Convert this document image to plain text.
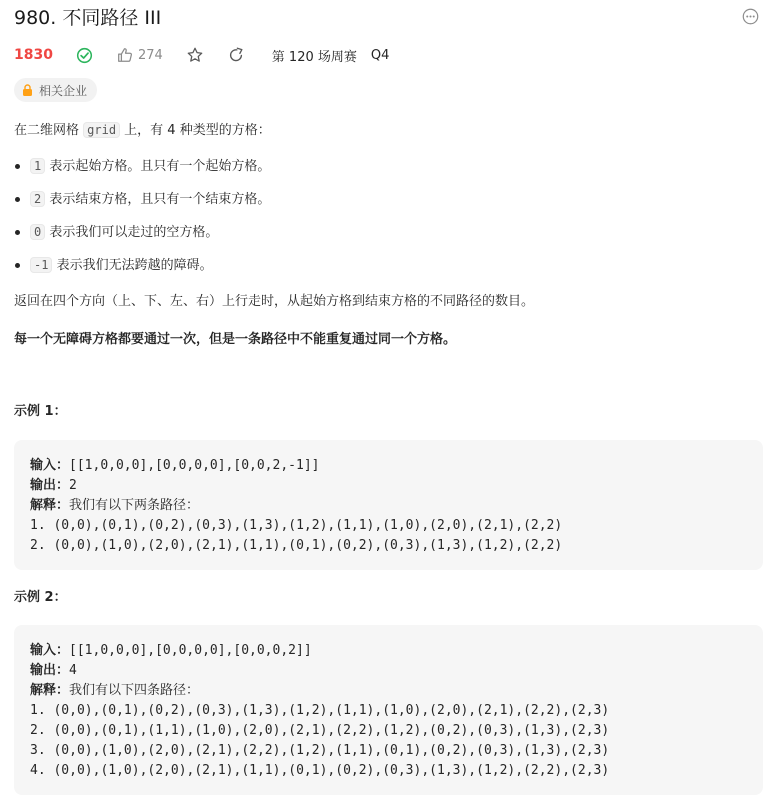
980. 不同路径 III
1830	274	第 120 场周赛 Q4
相关企业
在二维网格 grid 上，有 4 种类型的方格：
1 表示起始方格。且只有一个起始方格。
2 表示结束方格，且只有一个结束方格。
0 表示我们可以走过的空方格。
-1 表示我们无法跨越的障碍。
返回在四个方向（上、下、左、右）上行走时，从起始方格到结束方格的不同路径的数目。
每一个无障碍方格都要通过一次，但是一条路径中不能重复通过同一个方格。
示例 1：
输入：[[1,0,0,0],[0,0,0,0],[0,0,2,-1]]
输出：2
解释：我们有以下两条路径：
1. (0,0),(0,1),(0,2),(0,3),(1,3),(1,2),(1,1),(1,0),(2,0),(2,1),(2,2)
2. (0,0),(1,0),(2,0),(2,1),(1,1),(0,1),(0,2),(0,3),(1,3),(1,2),(2,2)
示例 2：
输入：[[1,0,0,0],[0,0,0,0],[0,0,0,2]]
输出：4
解释：我们有以下四条路径：
1. (0,0),(0,1),(0,2),(0,3),(1,3),(1,2),(1,1),(1,0),(2,0),(2,1),(2,2),(2,3)
2. (0,0),(0,1),(1,1),(1,0),(2,0),(2,1),(2,2),(1,2),(0,2),(0,3),(1,3),(2,3)
3. (0,0),(1,0),(2,0),(2,1),(2,2),(1,2),(1,1),(0,1),(0,2),(0,3),(1,3),(2,3)
4. (0,0),(1,0),(2,0),(2,1),(1,1),(0,1),(0,2),(0,3),(1,3),(1,2),(2,2),(2,3)
